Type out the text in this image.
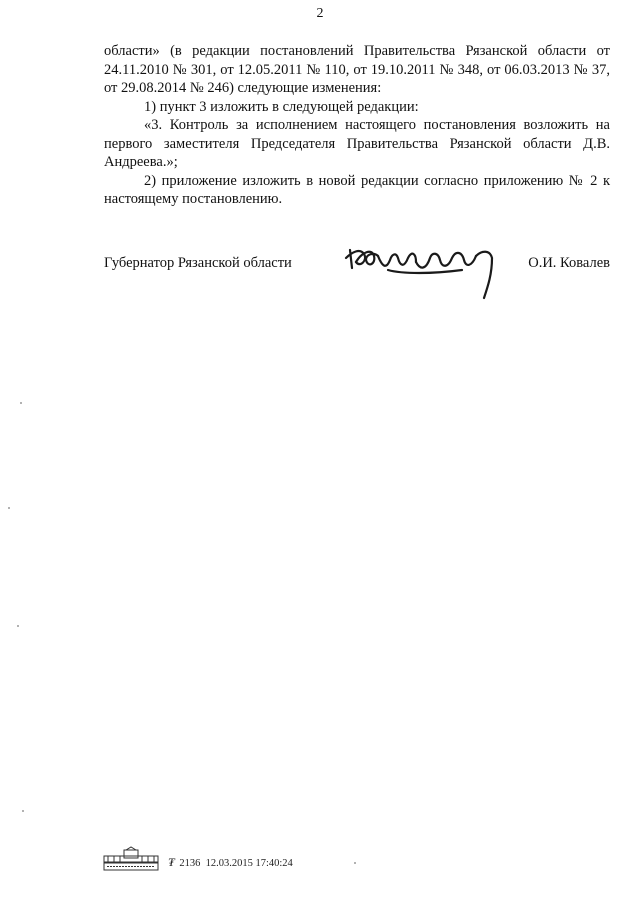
2

области» (в редакции постановлений Правительства Рязанской области от 24.11.2010 № 301, от 12.05.2011 № 110, от 19.10.2011 № 348, от 06.03.2013 № 37, от 29.08.2014 № 246) следующие изменения:

1) пункт 3 изложить в следующей редакции:

«3. Контроль за исполнением настоящего постановления возложить на первого заместителя Председателя Правительства Рязанской области Д.В. Андреева.»;

2) приложение изложить в новой редакции согласно приложению № 2 к настоящему постановлению.

Губернатор Рязанской области	О.И. Ковалев
₮ 2136 12.03.2015 17:40:24
